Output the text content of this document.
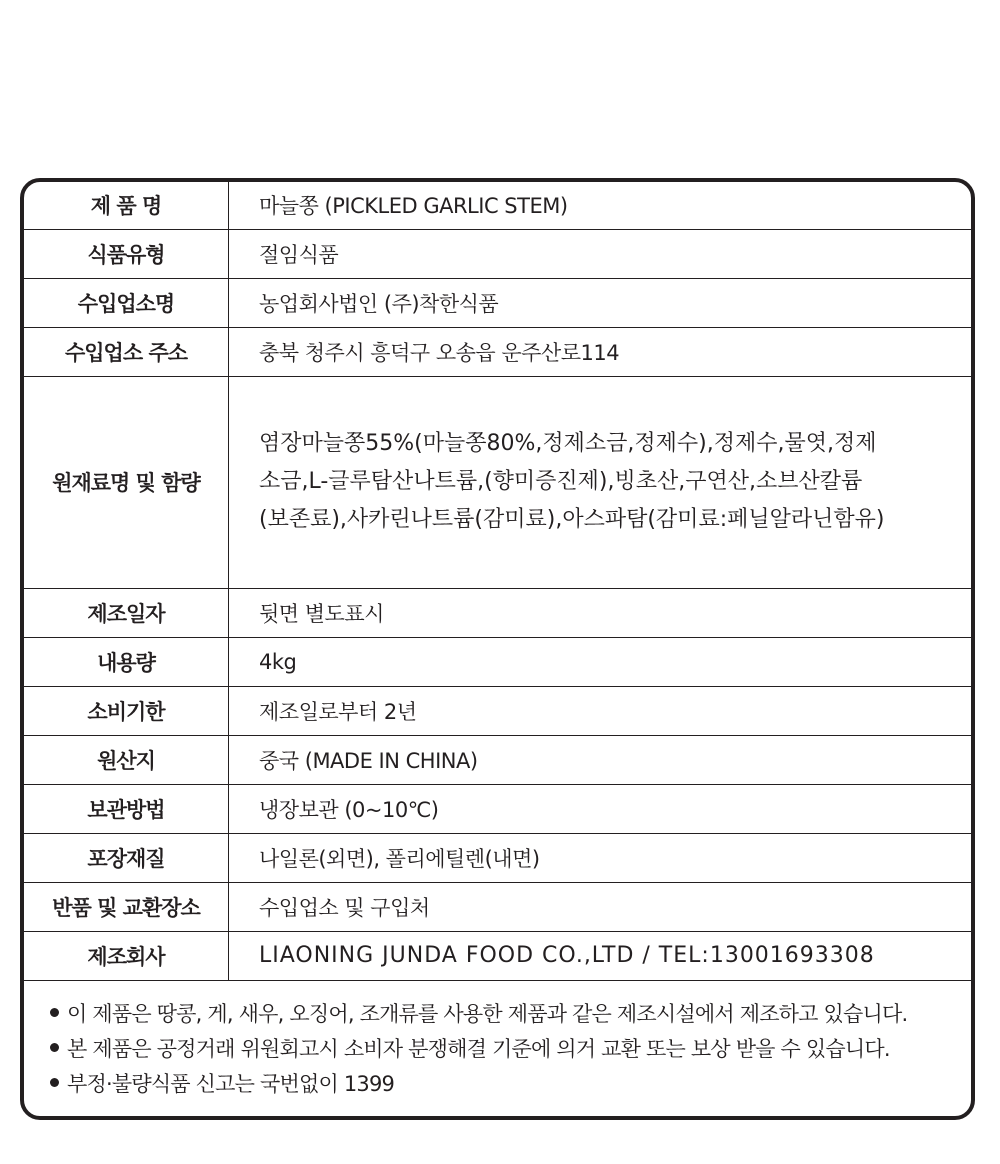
제 품 명	마늘쫑 (PICKLED GARLIC STEM)
식품유형	절임식품
수입업소명	농업회사법인 (주)착한식품
수입업소 주소	충북 청주시 흥덕구 오송읍 운주산로114
원재료명 및 함량	염장마늘쫑55%(마늘쫑80%,정제소금,정제수),정제수,물엿,정제
소금,L-글루탐산나트륨,(향미증진제),빙초산,구연산,소브산칼륨
(보존료),사카린나트륨(감미료),아스파탐(감미료:페닐알라닌함유)

제조일자	뒷면 별도표시
내용량	4kg
소비기한	제조일로부터 2년
원산지	중국 (MADE IN CHINA)
보관방법	냉장보관 (0~10℃)
포장재질	나일론(외면), 폴리에틸렌(내면)
반품 및 교환장소	수입업소 및 구입처
제조회사	LIAONING JUNDA FOOD CO.,LTD / TEL:13001693308
이 제품은 땅콩, 게, 새우, 오징어, 조개류를 사용한 제품과 같은 제조시설에서 제조하고 있습니다.
본 제품은 공정거래 위원회고시 소비자 분쟁해결 기준에 의거 교환 또는 보상 받을 수 있습니다.
부정·불량식품 신고는 국번없이 1399
